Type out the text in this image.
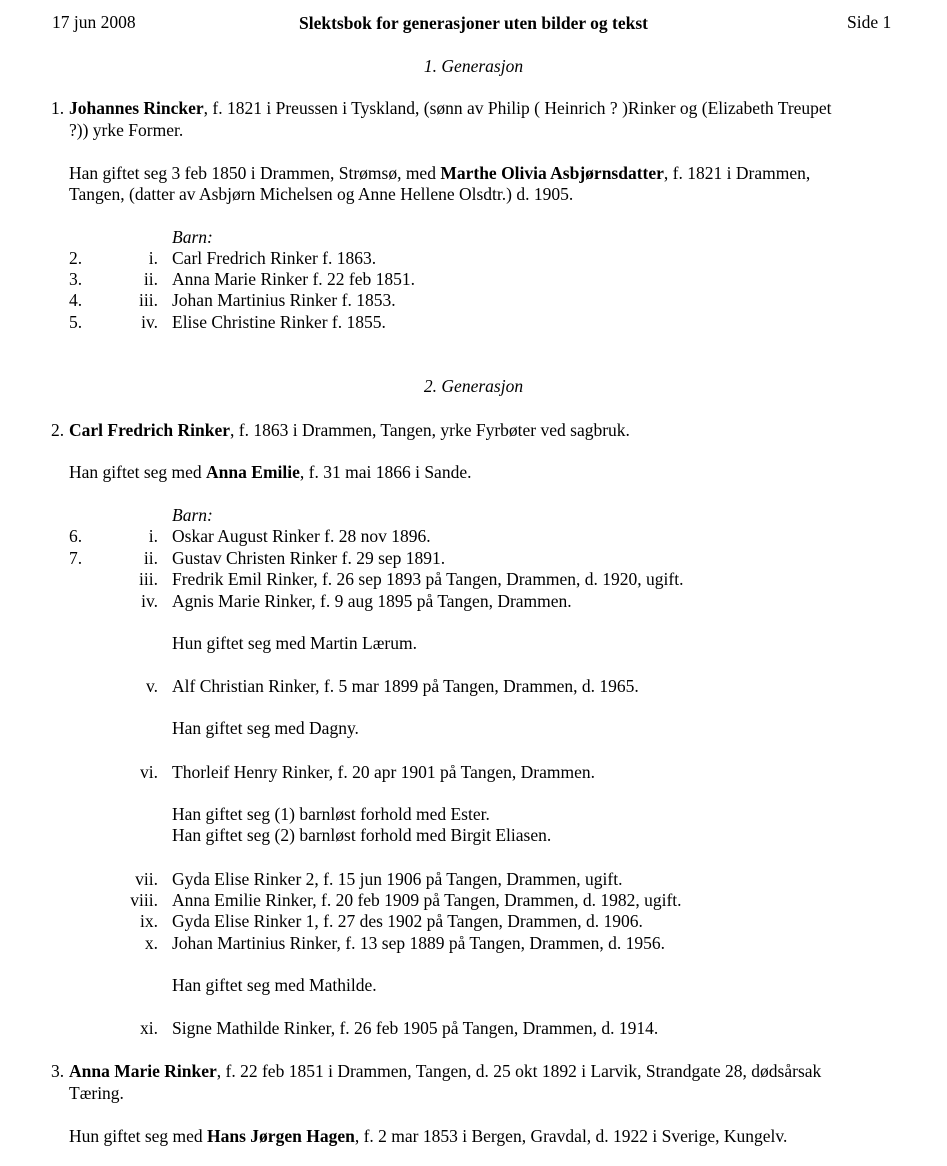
17 jun 2008	Slektsbok for generasjoner uten bilder og tekst	Side 1
1. Generasjon
1. Johannes Rincker, f. 1821 i Preussen i Tyskland, (sønn av Philip ( Heinrich ? )Rinker og (Elizabeth Treupet
?)) yrke Former.
Han giftet seg 3 feb 1850 i Drammen, Strømsø, med Marthe Olivia Asbjørnsdatter, f. 1821 i Drammen,
Tangen, (datter av Asbjørn Michelsen og Anne Hellene Olsdtr.) d. 1905.
Barn:
2.	i. Carl Fredrich Rinker f. 1863.
3.	ii. Anna Marie Rinker f. 22 feb 1851.
4.	iii. Johan Martinius Rinker f. 1853.
5.	iv. Elise Christine Rinker f. 1855.
2. Generasjon
2. Carl Fredrich Rinker, f. 1863 i Drammen, Tangen, yrke Fyrbøter ved sagbruk.
Han giftet seg med Anna Emilie, f. 31 mai 1866 i Sande.
Barn:
6.	i. Oskar August Rinker f. 28 nov 1896.
7.	ii. Gustav Christen Rinker f. 29 sep 1891.
iii. Fredrik Emil Rinker, f. 26 sep 1893 på Tangen, Drammen, d. 1920, ugift.
iv. Agnis Marie Rinker, f. 9 aug 1895 på Tangen, Drammen.
Hun giftet seg med Martin Lærum.
v. Alf Christian Rinker, f. 5 mar 1899 på Tangen, Drammen, d. 1965.
Han giftet seg med Dagny.
vi. Thorleif Henry Rinker, f. 20 apr 1901 på Tangen, Drammen.
Han giftet seg (1) barnløst forhold med Ester.
Han giftet seg (2) barnløst forhold med Birgit Eliasen.
vii. Gyda Elise Rinker 2, f. 15 jun 1906 på Tangen, Drammen, ugift.
viii. Anna Emilie Rinker, f. 20 feb 1909 på Tangen, Drammen, d. 1982, ugift.
ix. Gyda Elise Rinker 1, f. 27 des 1902 på Tangen, Drammen, d. 1906.
x. Johan Martinius Rinker, f. 13 sep 1889 på Tangen, Drammen, d. 1956.
Han giftet seg med Mathilde.
xi. Signe Mathilde Rinker, f. 26 feb 1905 på Tangen, Drammen, d. 1914.
3. Anna Marie Rinker, f. 22 feb 1851 i Drammen, Tangen, d. 25 okt 1892 i Larvik, Strandgate 28, dødsårsak
Tæring.
Hun giftet seg med Hans Jørgen Hagen, f. 2 mar 1853 i Bergen, Gravdal, d. 1922 i Sverige, Kungelv.
